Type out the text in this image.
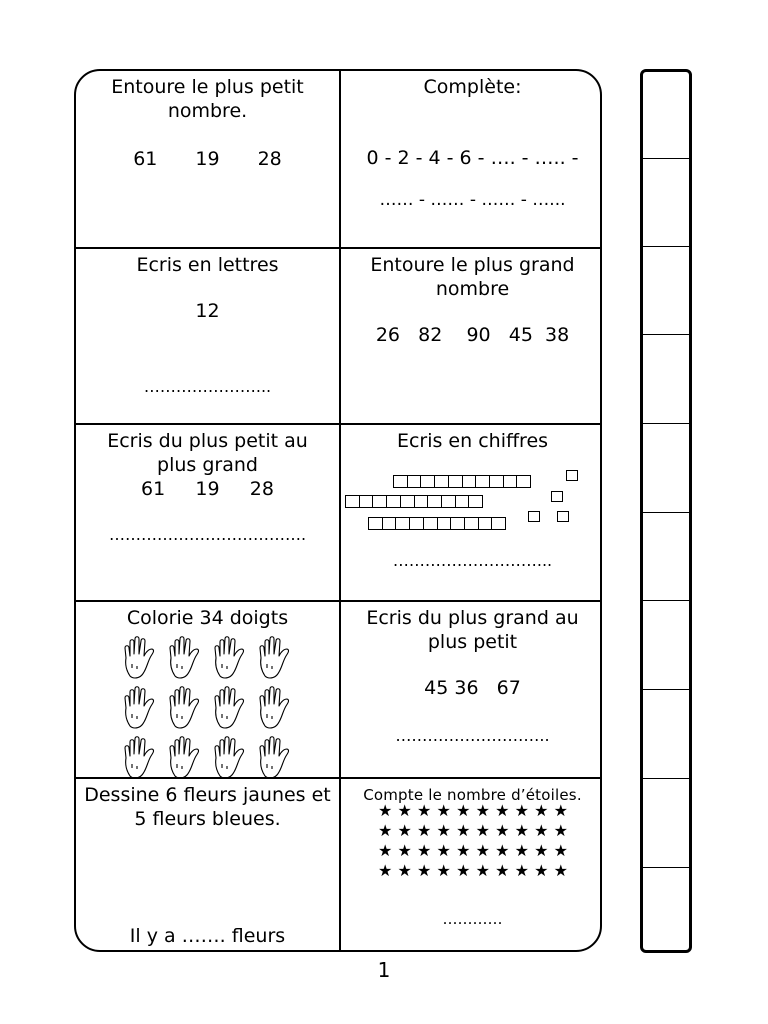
Entoure le plus petit nombre.
61 19 28
Complète:
0 - 2 - 4 - 6 - …. - ….. -
…… - …… - …… - …...
Ecris en lettres
12
…………………...
Entoure le plus grand nombre
26   82    90   45  38
Ecris du plus petit au plus grand
61     19     28
……………………………….
Ecris en chiffres
………………………...
Colorie 34 doigts	Ecris du plus grand au plus petit
45 36   67
………………………..
Dessine 6 fleurs jaunes et 5 fleurs bleues.
Il y a ……. fleurs
Compte le nombre d’étoiles.
…………
★ ★ ★ ★ ★ ★ ★ ★ ★ ★
★ ★ ★ ★ ★ ★ ★ ★ ★ ★
★ ★ ★ ★ ★ ★ ★ ★ ★ ★
★ ★ ★ ★ ★ ★ ★ ★ ★ ★
1
